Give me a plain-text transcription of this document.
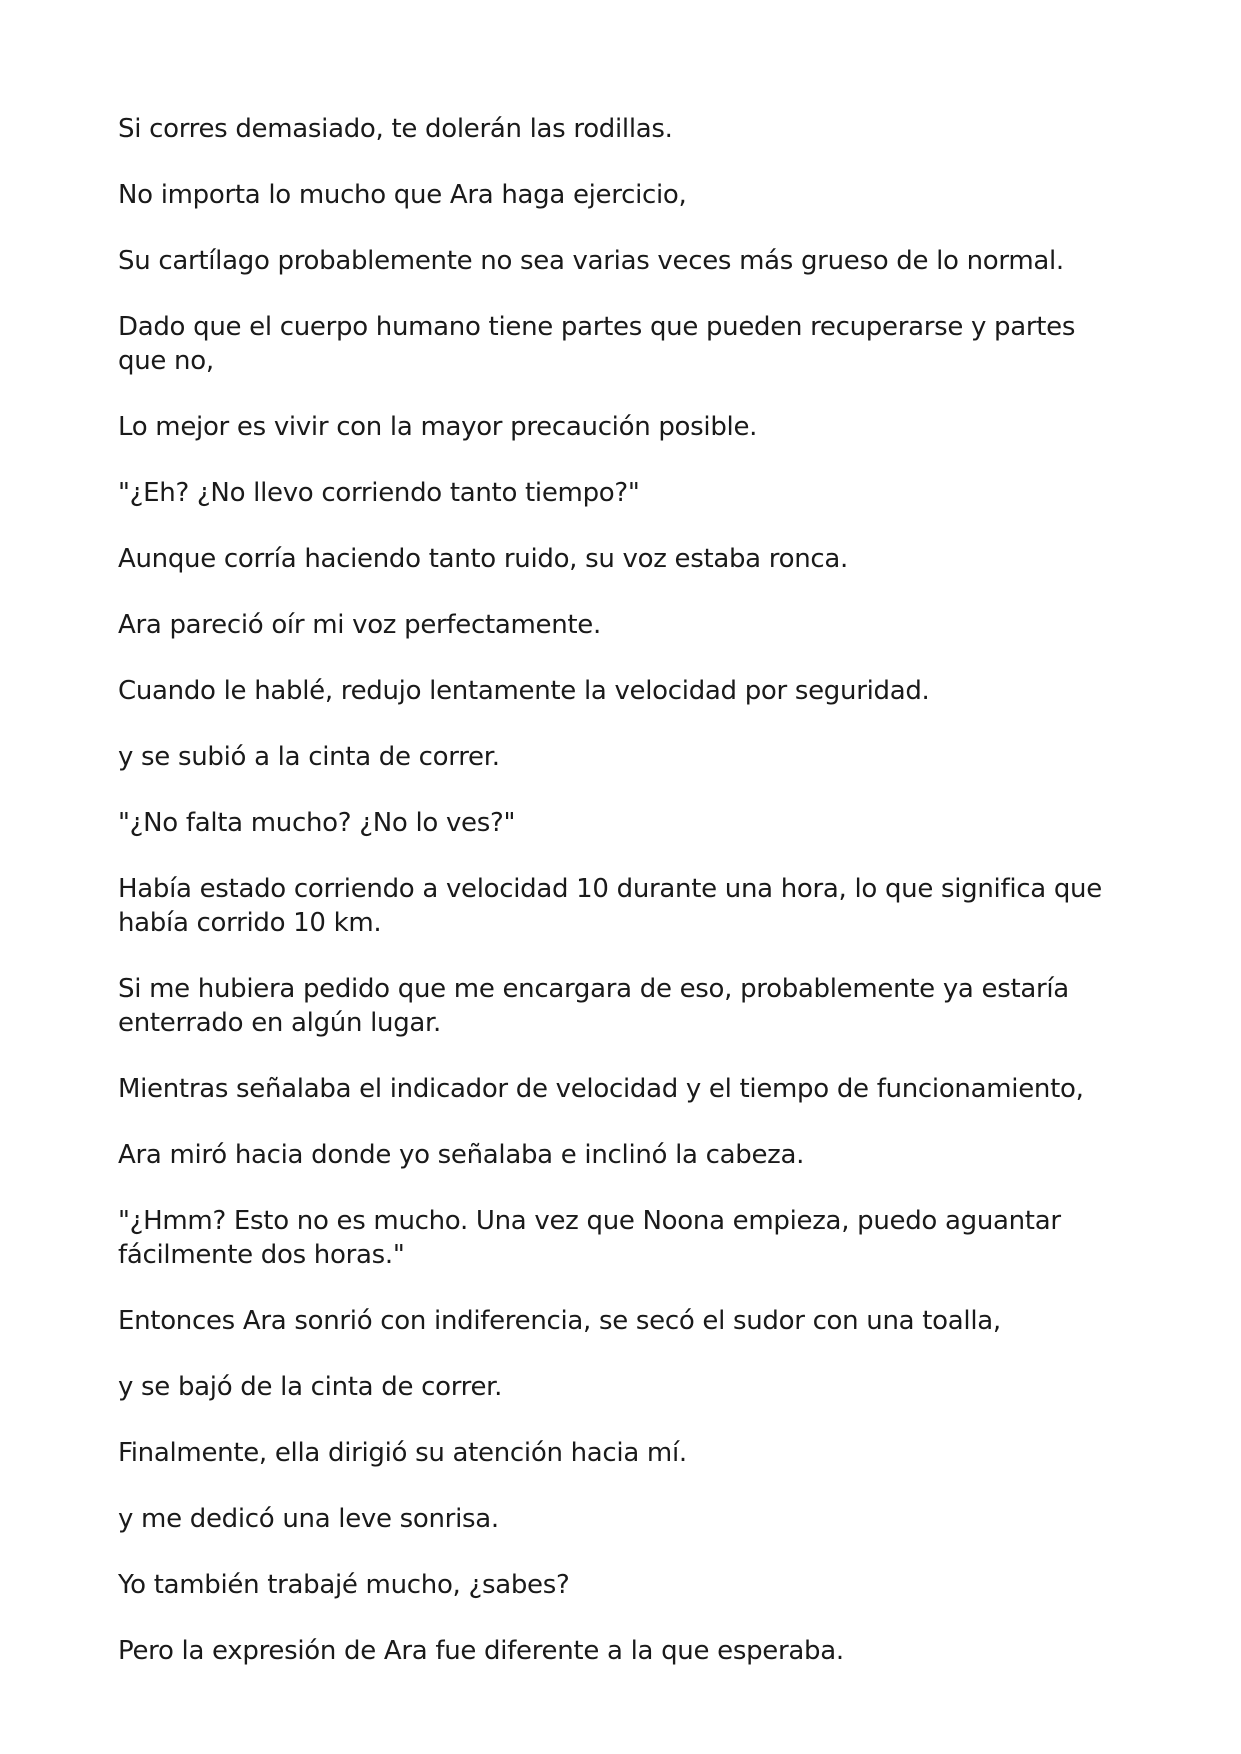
Si corres demasiado, te dolerán las rodillas.

No importa lo mucho que Ara haga ejercicio,

Su cartílago probablemente no sea varias veces más grueso de lo normal.

Dado que el cuerpo humano tiene partes que pueden recuperarse y partes que no,

Lo mejor es vivir con la mayor precaución posible.

"¿Eh? ¿No llevo corriendo tanto tiempo?"

Aunque corría haciendo tanto ruido, su voz estaba ronca.

Ara pareció oír mi voz perfectamente.

Cuando le hablé, redujo lentamente la velocidad por seguridad.

y se subió a la cinta de correr.

"¿No falta mucho? ¿No lo ves?"

Había estado corriendo a velocidad 10 durante una hora, lo que significa que había corrido 10 km.

Si me hubiera pedido que me encargara de eso, probablemente ya estaría enterrado en algún lugar.

Mientras señalaba el indicador de velocidad y el tiempo de funcionamiento,

Ara miró hacia donde yo señalaba e inclinó la cabeza.

"¿Hmm? Esto no es mucho. Una vez que Noona empieza, puedo aguantar fácilmente dos horas."

Entonces Ara sonrió con indiferencia, se secó el sudor con una toalla,

y se bajó de la cinta de correr.

Finalmente, ella dirigió su atención hacia mí.

y me dedicó una leve sonrisa.

Yo también trabajé mucho, ¿sabes?

Pero la expresión de Ara fue diferente a la que esperaba.
